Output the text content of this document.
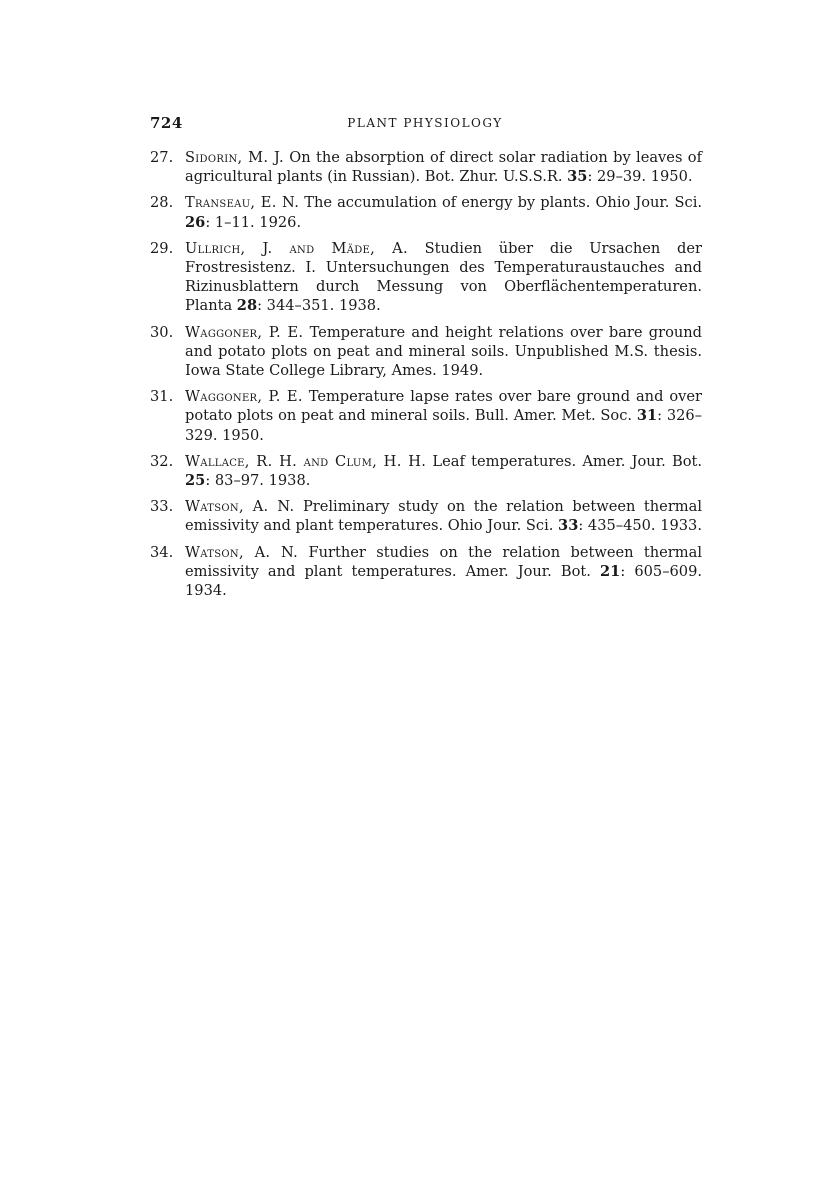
724	PLANT PHYSIOLOGY
27. Sidorin, M. J. On the absorption of direct solar radiation by leaves of agricultural plants (in Russian). Bot. Zhur. U.S.S.R. 35: 29–39. 1950.
28. Transeau, E. N. The accumulation of energy by plants. Ohio Jour. Sci. 26: 1–11. 1926.
29. Ullrich, J. and Mäde, A. Studien über die Ursachen der Frostresistenz. I. Untersuchungen des Temperaturaustauches and Rizinusblattern durch Messung von Oberflächentemperaturen. Planta 28: 344–351. 1938.
30. Waggoner, P. E. Temperature and height relations over bare ground and potato plots on peat and mineral soils. Unpublished M.S. thesis. Iowa State College Library, Ames. 1949.
31. Waggoner, P. E. Temperature lapse rates over bare ground and over potato plots on peat and mineral soils. Bull. Amer. Met. Soc. 31: 326–329. 1950.
32. Wallace, R. H. and Clum, H. H. Leaf temperatures. Amer. Jour. Bot. 25: 83–97. 1938.
33. Watson, A. N. Preliminary study on the relation between thermal emissivity and plant temperatures. Ohio Jour. Sci. 33: 435–450. 1933.
34. Watson, A. N. Further studies on the relation between thermal emissivity and plant temperatures. Amer. Jour. Bot. 21: 605–609. 1934.
